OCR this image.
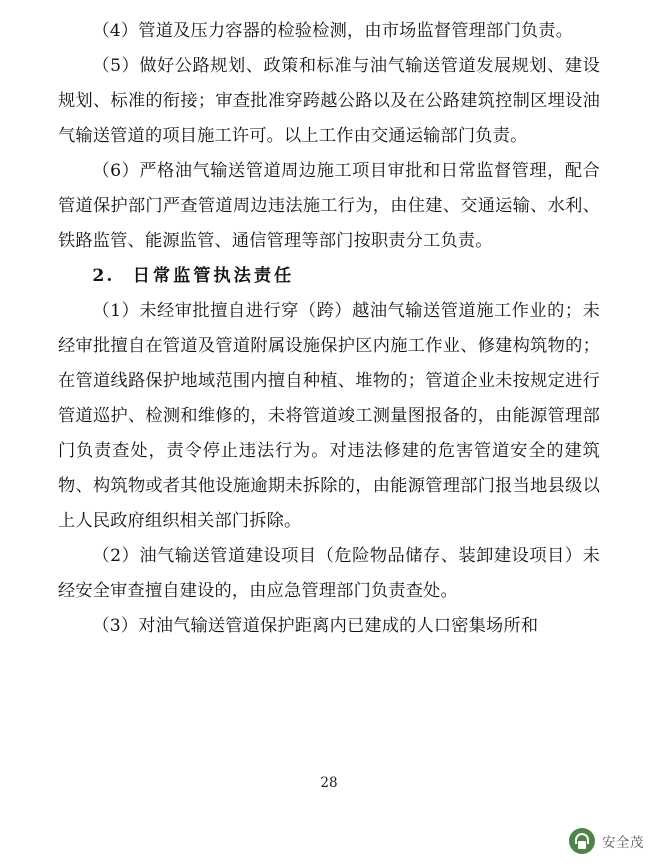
（4）管道及压力容器的检验检测，由市场监督管理部门负责。

（5）做好公路规划、政策和标准与油气输送管道发展规划、建设规划、标准的衔接；审查批准穿跨越公路以及在公路建筑控制区埋设油气输送管道的项目施工许可。以上工作由交通运输部门负责。

（6）严格油气输送管道周边施工项目审批和日常监督管理，配合管道保护部门严查管道周边违法施工行为，由住建、交通运输、水利、铁路监管、能源监管、通信管理等部门按职责分工负责。

2.  日常监管执法责任

（1）未经审批擅自进行穿（跨）越油气输送管道施工作业的；未经审批擅自在管道及管道附属设施保护区内施工作业、修建构筑物的；在管道线路保护地域范围内擅自种植、堆物的；管道企业未按规定进行管道巡护、检测和维修的，未将管道竣工测量图报备的，由能源管理部门负责查处，责令停止违法行为。对违法修建的危害管道安全的建筑物、构筑物或者其他设施逾期未拆除的，由能源管理部门报当地县级以上人民政府组织相关部门拆除。

（2）油气输送管道建设项目（危险物品储存、装卸建设项目）未经安全审查擅自建设的，由应急管理部门负责查处。

（3）对油气输送管道保护距离内已建成的人口密集场所和

28
安全茂
